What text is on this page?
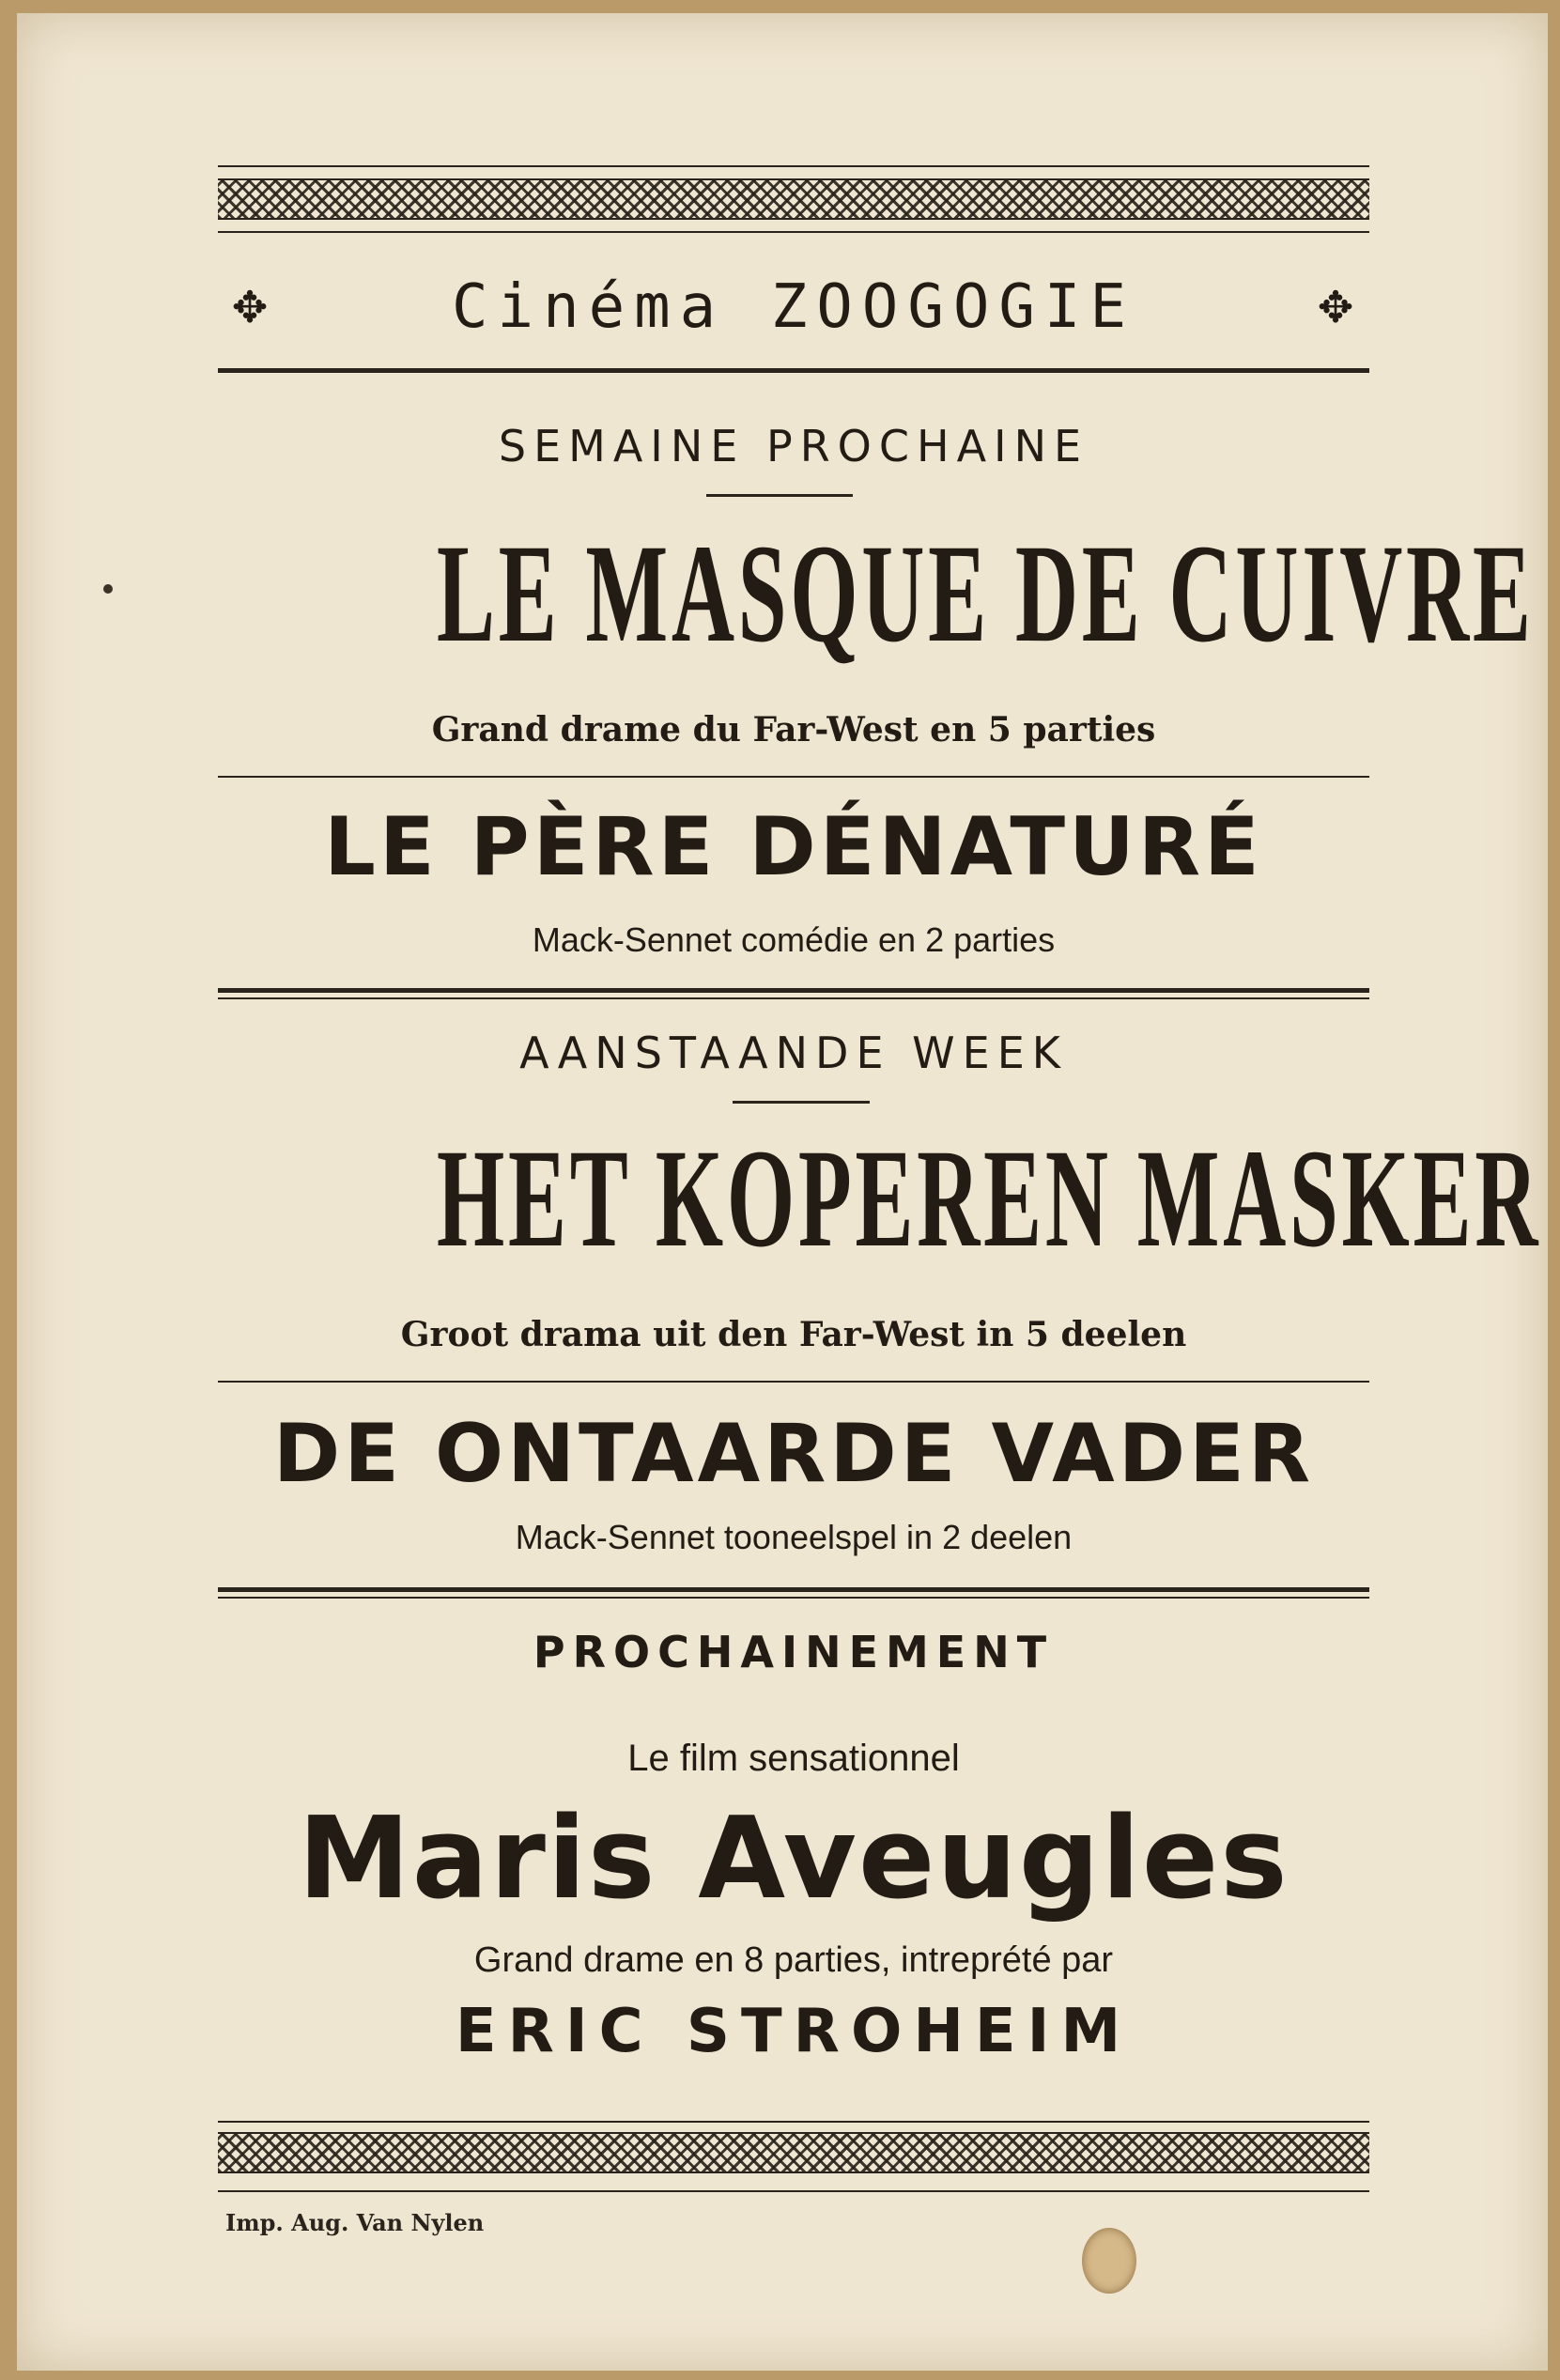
✥	Cinéma ZOOGOGIE	✥
SEMAINE PROCHAINE
LE MASQUE DE CUIVRE
Grand drame du Far-West en 5 parties
LE PÈRE DÉNATURÉ
Mack-Sennet comédie en 2 parties
AANSTAANDE WEEK
HET KOPEREN MASKER
Groot drama uit den Far-West in 5 deelen
DE ONTAARDE VADER
Mack-Sennet tooneelspel in 2 deelen
PROCHAINEMENT
Le film sensationnel
Maris Aveugles
Grand drame en 8 parties, intreprété par
ERIC STROHEIM
Imp. Aug. Van Nylen
